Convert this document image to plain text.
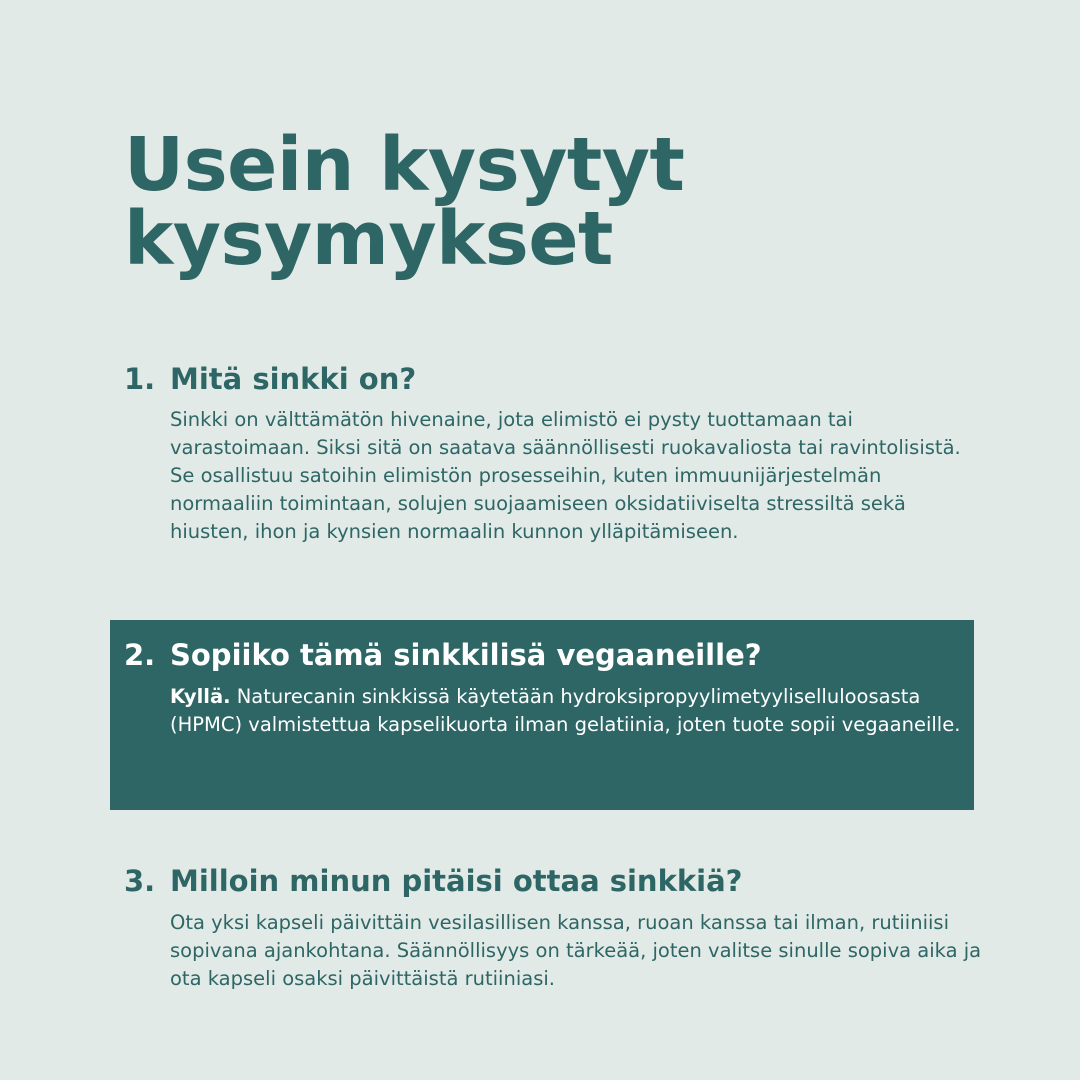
Usein kysytyt
kysymykset
1. Mitä sinkki on?

Sinkki on välttämätön hivenaine, jota elimistö ei pysty tuottamaan tai varastoimaan. Siksi sitä on saatava säännöllisesti ruokavaliosta tai ravintolisistä. Se osallistuu satoihin elimistön prosesseihin, kuten immuunijärjestelmän normaaliin toimintaan, solujen suojaamiseen oksidatiiviselta stressiltä sekä hiusten, ihon ja kynsien normaalin kunnon ylläpitämiseen.

2. Sopiiko tämä sinkkilisä vegaaneille?

Kyllä. Naturecanin sinkkissä käytetään hydroksipropyylimetyyliselluloosasta (HPMC) valmistettua kapselikuorta ilman gelatiinia, joten tuote sopii vegaaneille.

3. Milloin minun pitäisi ottaa sinkkiä?

Ota yksi kapseli päivittäin vesilasillisen kanssa, ruoan kanssa tai ilman, rutiiniisi sopivana ajankohtana. Säännöllisyys on tärkeää, joten valitse sinulle sopiva aika ja ota kapseli osaksi päivittäistä rutiiniasi.
